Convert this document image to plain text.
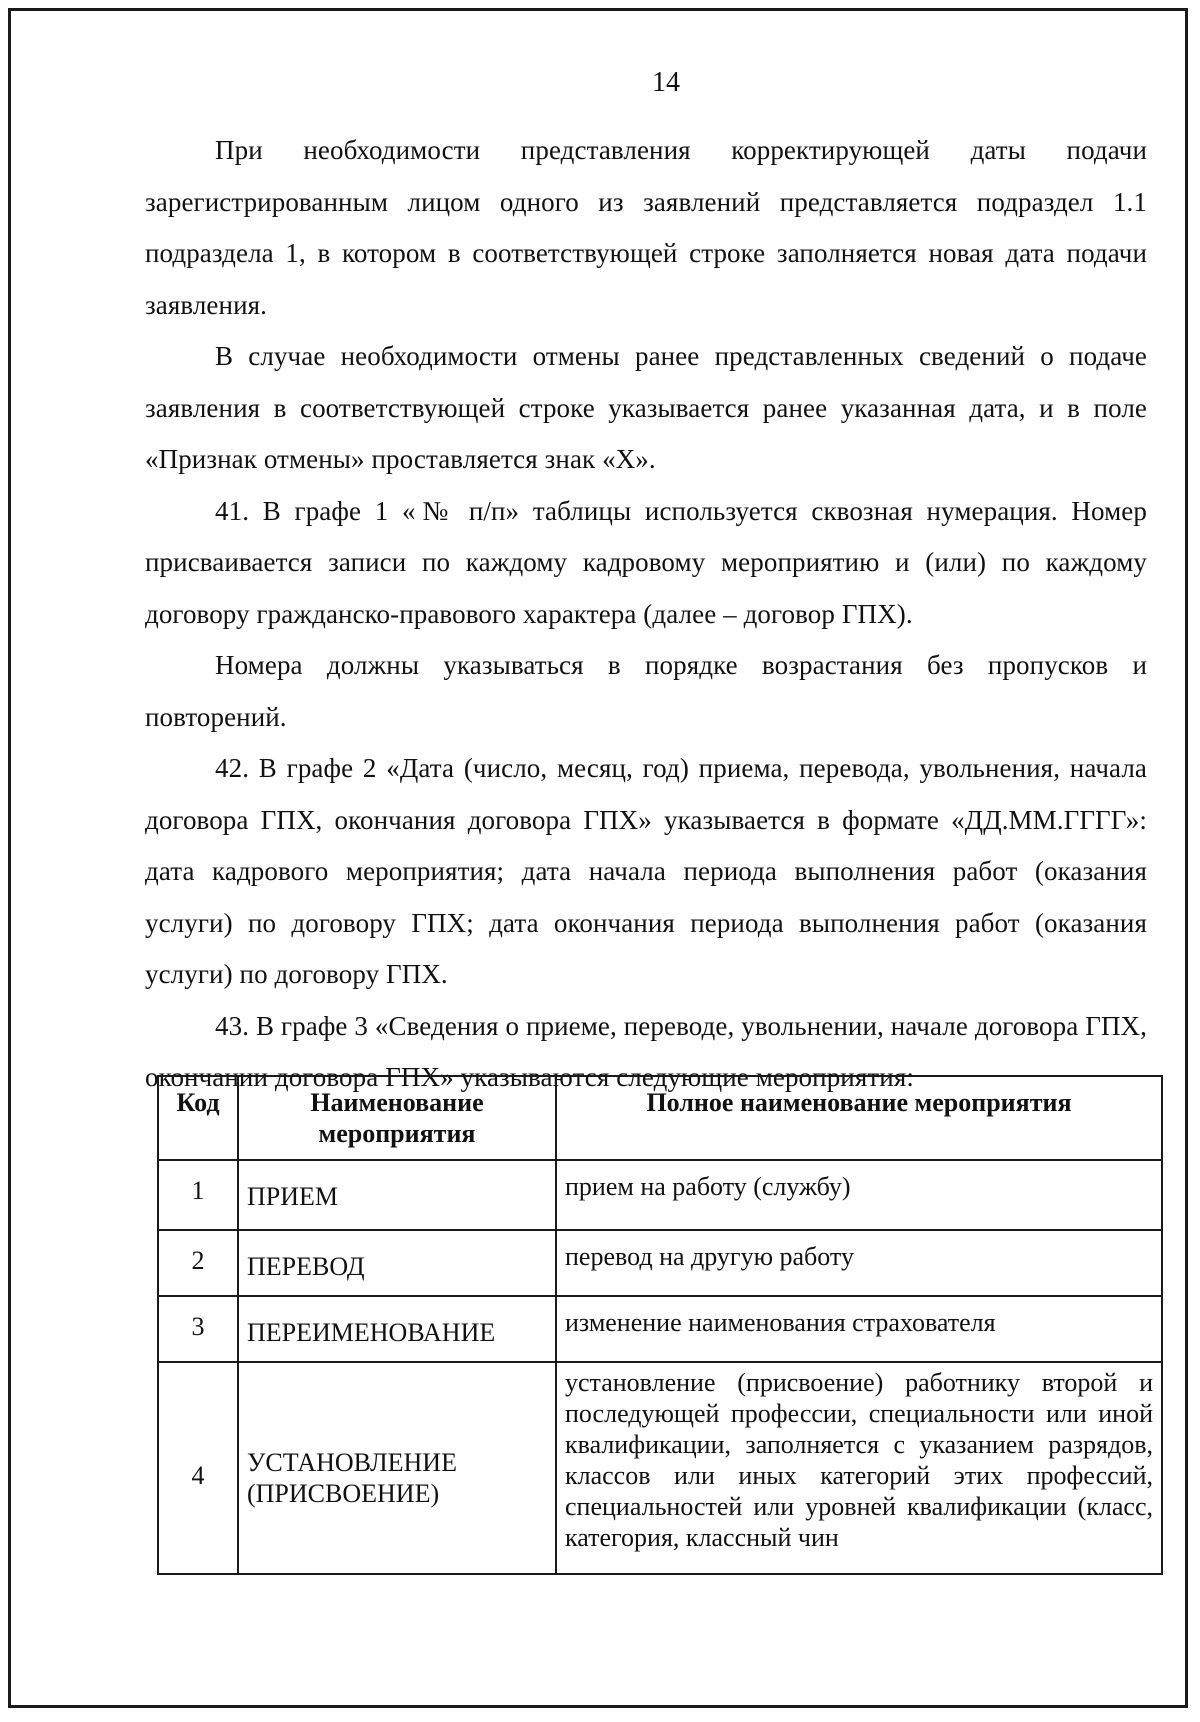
14

При необходимости представления корректирующей даты подачи зарегистрированным лицом одного из заявлений представляется подраздел 1.1 подраздела 1, в котором в соответствующей строке заполняется новая дата подачи заявления.

В случае необходимости отмены ранее представленных сведений о подаче заявления в соответствующей строке указывается ранее указанная дата, и в поле «Признак отмены» проставляется знак «Х».

41. В графе 1 «№ п/п» таблицы используется сквозная нумерация. Номер присваивается записи по каждому кадровому мероприятию и (или) по каждому договору гражданско-правового характера (далее – договор ГПХ).

Номера должны указываться в порядке возрастания без пропусков и повторений.

42. В графе 2 «Дата (число, месяц, год) приема, перевода, увольнения, начала договора ГПХ, окончания договора ГПХ» указывается в формате «ДД.ММ.ГГГГ»: дата кадрового мероприятия; дата начала периода выполнения работ (оказания услуги) по договору ГПХ; дата окончания периода выполнения работ (оказания услуги) по договору ГПХ.

43. В графе 3 «Сведения о приеме, переводе, увольнении, начале договора ГПХ, окончании договора ГПХ» указываются следующие мероприятия:

Код	Наименование мероприятия	Полное наименование мероприятия
1	ПРИЕМ	прием на работу (службу)
2	ПЕРЕВОД	перевод на другую работу
3	ПЕРЕИМЕНОВАНИЕ	изменение наименования страхователя
4	УСТАНОВЛЕНИЕ (ПРИСВОЕНИЕ)	установление (присвоение) работнику второй и последующей профессии, специальности или иной квалификации, заполняется с указанием разрядов, классов или иных категорий этих профессий, специальностей или уровней квалификации (класс, категория, классный чин
